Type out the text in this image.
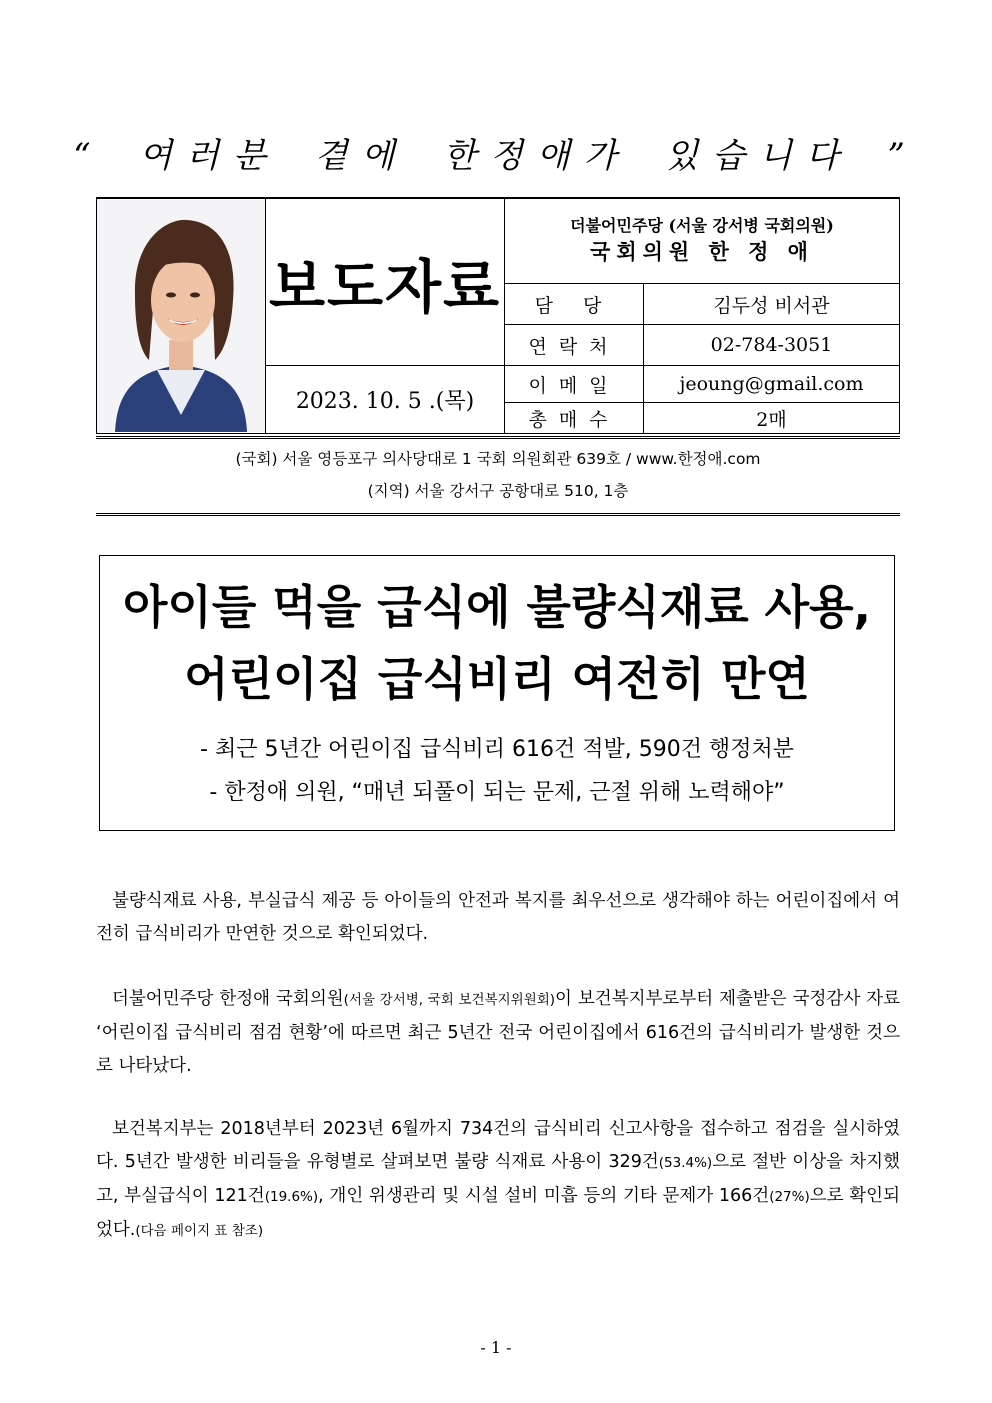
“ 여러분 곁에 한정애가 있습니다 ”
	보도자료	더불어민주당 (서울 강서병 국회의원)
국회의원 한 정 애	

		담 당	김두성 비서관
		연락처	02-784-3051
		이메일	jeoung@gmail.com
	2023. 10. 5 .(목)		
		총매수	2매
(국회) 서울 영등포구 의사당대로 1 국회 의원회관 639호 / www.한정애.com
(지역) 서울 강서구 공항대로 510, 1층
아이들 먹을 급식에 불량식재료 사용,
어린이집 급식비리 여전히 만연
- 최근 5년간 어린이집 급식비리 616건 적발, 590건 행정처분
- 한정애 의원, “매년 되풀이 되는 문제, 근절 위해 노력해야”

불량식재료 사용, 부실급식 제공 등 아이들의 안전과 복지를 최우선으로 생각해야 하는 어린이집에서 여전히 급식비리가 만연한 것으로 확인되었다.

더불어민주당 한정애 국회의원(서울 강서병, 국회 보건복지위원회)이 보건복지부로부터 제출받은 국정감사 자료 ‘어린이집 급식비리 점검 현황’에 따르면 최근 5년간 전국 어린이집에서 616건의 급식비리가 발생한 것으로 나타났다.

보건복지부는 2018년부터 2023년 6월까지 734건의 급식비리 신고사항을 접수하고 점검을 실시하였다. 5년간 발생한 비리들을 유형별로 살펴보면 불량 식재료 사용이 329건(53.4%)으로 절반 이상을 차지했고, 부실급식이 121건(19.6%), 개인 위생관리 및 시설 설비 미흡 등의 기타 문제가 166건(27%)으로 확인되었다.(다음 페이지 표 참조)

- 1 -
